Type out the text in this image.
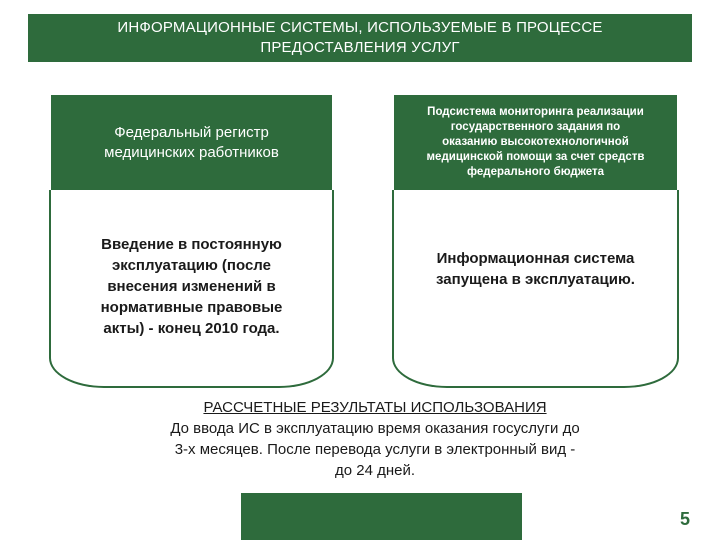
ИНФОРМАЦИОННЫЕ СИСТЕМЫ, ИСПОЛЬЗУЕМЫЕ В ПРОЦЕССЕ
ПРЕДОСТАВЛЕНИЯ УСЛУГ
Федеральный регистр
медицинских работников
Введение в постоянную
эксплуатацию (после
внесения изменений в
нормативные правовые
акты) - конец 2010 года.
Подсистема мониторинга реализации
государственного задания по
оказанию высокотехнологичной
медицинской помощи за счет средств
федерального бюджета
Информационная система
запущена в эксплуатацию.
РАССЧЕТНЫЕ РЕЗУЛЬТАТЫ ИСПОЛЬЗОВАНИЯ
До ввода ИС в эксплуатацию время оказания госуслуги до
3-х месяцев. После перевода услуги в электронный вид -
до 24 дней.
5
